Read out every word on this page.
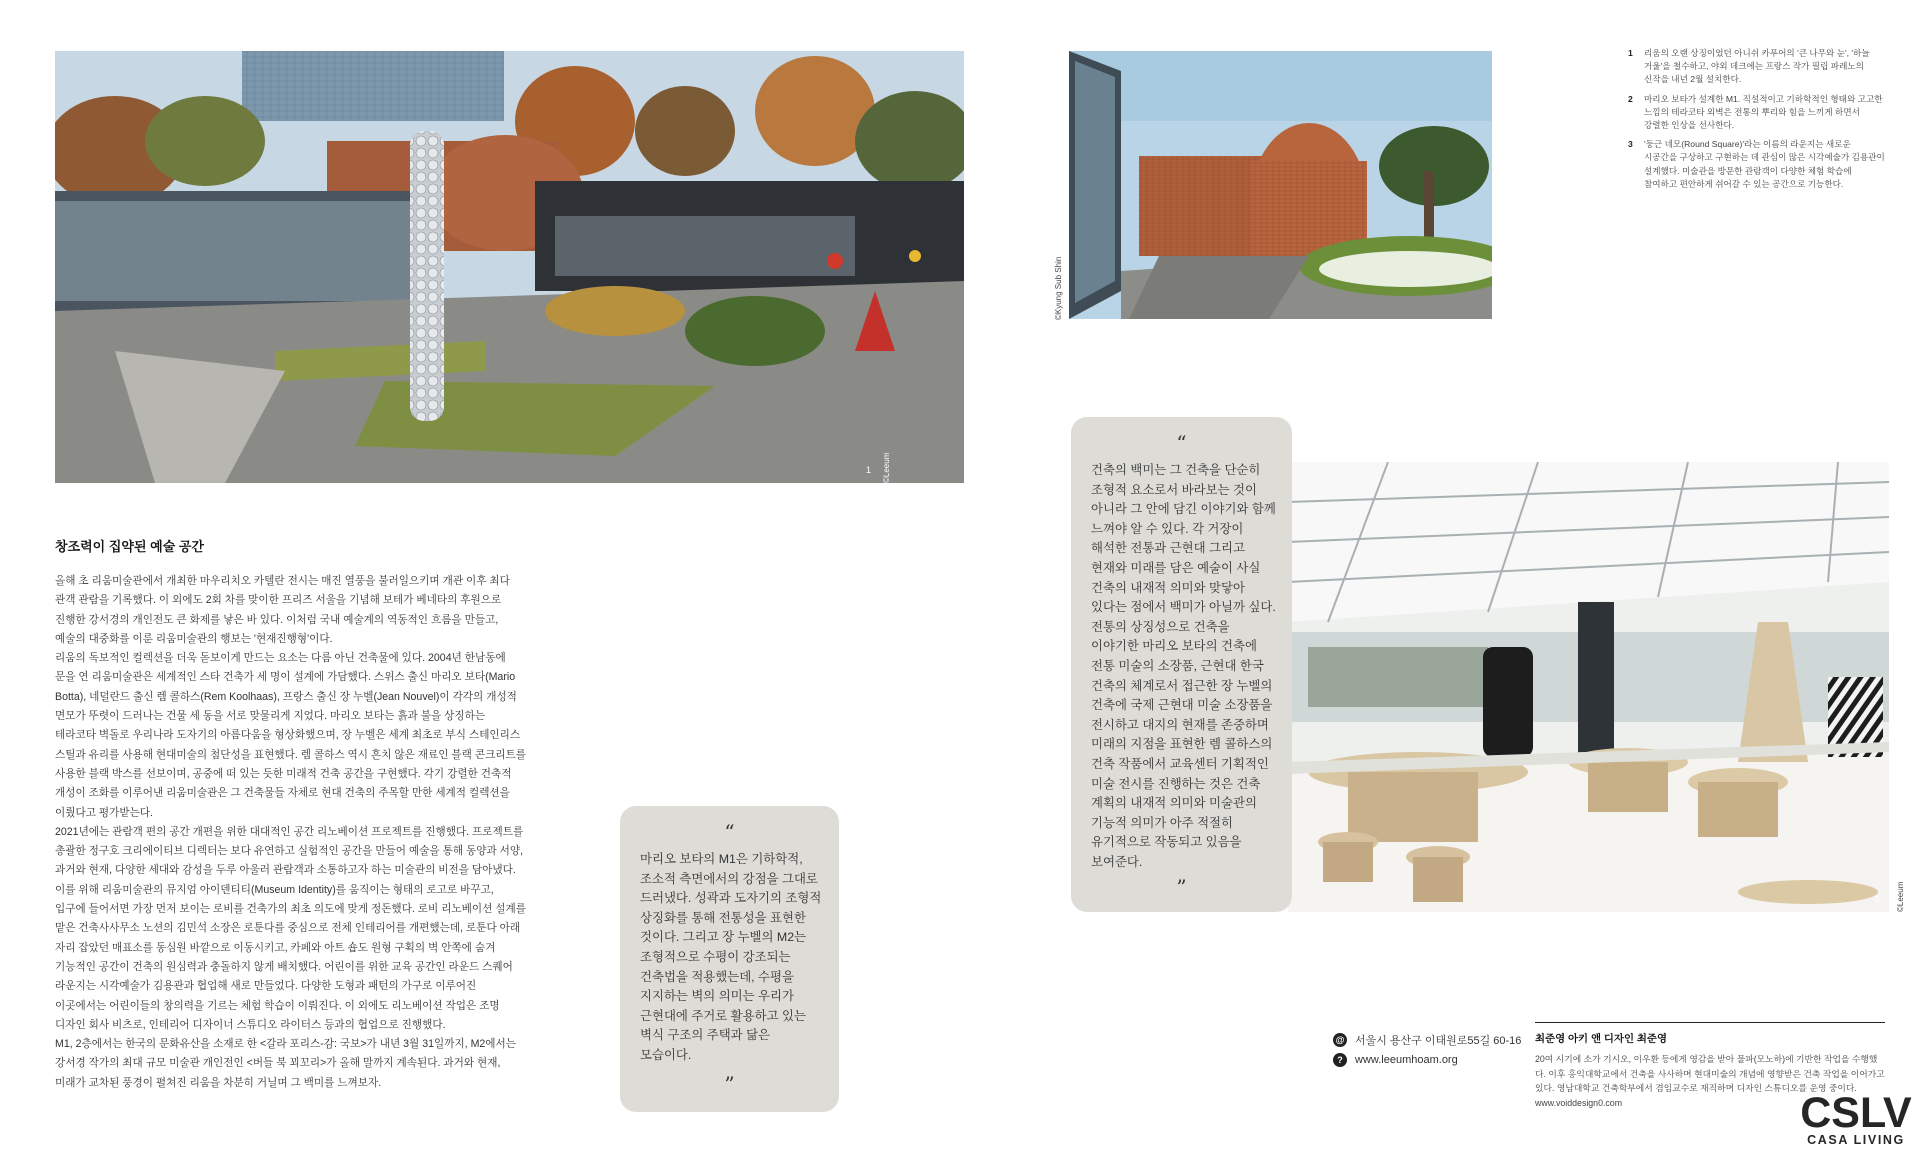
1 ©Leeum
©Kyung Sub Shin
3 ©Leeum
“

건축의 백미는 그 건축을 단순히 조형적 요소로서 바라보는 것이 아니라 그 안에 담긴 이야기와 함께 느껴야 알 수 있다. 각 거장이 해석한 전통과 근현대 그리고 현재와 미래를 담은 예술이 사실 건축의 내재적 의미와 맞닿아 있다는 점에서 백미가 아닐까 싶다. 전통의 상징성으로 건축을 이야기한 마리오 보타의 건축에 전통 미술의 소장품, 근현대 한국 건축의 체계로서 접근한 장 누벨의 건축에 국제 근현대 미술 소장품을 전시하고 대지의 현재를 존중하며 미래의 지점을 표현한 렘 콜하스의 건축 작품에서 교육센터 기획적인 미술 전시를 진행하는 것은 건축 계획의 내재적 의미와 미술관의 기능적 의미가 아주 적절히 유기적으로 작동되고 있음을 보여준다.

”
창조력이 집약된 예술 공간

올해 초 리움미술관에서 개최한 마우리치오 카텔란 전시는 매진 열풍을 불러일으키며 개관 이후 최다 관객 관람을 기록했다. 이 외에도 2회 차를 맞이한 프리즈 서울을 기념해 보테가 베네타의 후원으로 진행한 강서경의 개인전도 큰 화제를 낳은 바 있다. 이처럼 국내 예술계의 역동적인 흐름을 만들고, 예술의 대중화를 이룬 리움미술관의 행보는 '현재진행형'이다.

리움의 독보적인 컬렉션을 더욱 돋보이게 만드는 요소는 다름 아닌 건축물에 있다. 2004년 한남동에 문을 연 리움미술관은 세계적인 스타 건축가 세 명이 설계에 가담했다. 스위스 출신 마리오 보타(Mario Botta), 네덜란드 출신 렘 콜하스(Rem Koolhaas), 프랑스 출신 장 누벨(Jean Nouvel)이 각각의 개성적 면모가 뚜렷이 드러나는 건물 세 동을 서로 맞물리게 지었다. 마리오 보타는 흙과 불을 상징하는 테라코타 벽돌로 우리나라 도자기의 아름다움을 형상화했으며, 장 누벨은 세계 최초로 부식 스테인리스 스틸과 유리를 사용해 현대미술의 첨단성을 표현했다. 렘 콜하스 역시 흔치 않은 재료인 블랙 콘크리트를 사용한 블랙 박스를 선보이며, 공중에 떠 있는 듯한 미래적 건축 공간을 구현했다. 각기 강렬한 건축적 개성이 조화를 이루어낸 리움미술관은 그 건축물들 자체로 현대 건축의 주목할 만한 세계적 컬렉션을 이뤘다고 평가받는다.

2021년에는 관람객 편의 공간 개편을 위한 대대적인 공간 리노베이션 프로젝트를 진행했다. 프로젝트를 총괄한 정구호 크리에이티브 디렉터는 보다 유연하고 실험적인 공간을 만들어 예술을 통해 동양과 서양, 과거와 현재, 다양한 세대와 감성을 두루 아울러 관람객과 소통하고자 하는 미술관의 비전을 담아냈다. 이를 위해 리움미술관의 뮤지엄 아이덴티티(Museum Identity)를 움직이는 형태의 로고로 바꾸고, 입구에 들어서면 가장 먼저 보이는 로비를 건축가의 최초 의도에 맞게 정돈했다. 로비 리노베이션 설계를 맡은 건축사사무소 노션의 김민석 소장은 로툰다를 중심으로 전체 인테리어를 개편했는데, 로툰다 아래 자리 잡았던 매표소를 동심원 바깥으로 이동시키고, 카페와 아트 숍도 원형 구획의 벽 안쪽에 숨겨 기능적인 공간이 건축의 원심력과 충돌하지 않게 배치했다. 어린이를 위한 교육 공간인 라운드 스퀘어 라운지는 시각예술가 김용관과 협업해 새로 만들었다. 다양한 도형과 패턴의 가구로 이루어진 이곳에서는 어린이들의 창의력을 기르는 체험 학습이 이뤄진다. 이 외에도 리노베이션 작업은 조명 디자인 회사 비츠로, 인테리어 디자이너 스튜디오 라이터스 등과의 협업으로 진행했다.

M1, 2층에서는 한국의 문화유산을 소재로 한 <갈라 포리스-감: 국보>가 내년 3월 31일까지, M2에서는 강서경 작가의 최대 규모 미술관 개인전인 <버들 북 꾀꼬리>가 올해 말까지 계속된다. 과거와 현재, 미래가 교차된 풍경이 펼쳐진 리움을 차분히 거닐며 그 백미를 느껴보자.

“

마리오 보타의 M1은 기하학적, 조소적 측면에서의 강점을 그대로 드러냈다. 성곽과 도자기의 조형적 상징화를 통해 전통성을 표현한 것이다. 그리고 장 누벨의 M2는 조형적으로 수평이 강조되는 건축법을 적용했는데, 수평을 지지하는 벽의 의미는 우리가 근현대에 주거로 활용하고 있는 벽식 구조의 주택과 닮은 모습이다.

”
1 리움의 오랜 상징이었던 아니쉬 카푸어의 '큰 나무와 눈', '하늘 거울'을 철수하고, 야외 데크에는 프랑스 작가 필립 파레노의 신작을 내년 2월 설치한다.
2 마리오 보타가 설계한 M1. 직설적이고 기하학적인 형태와 고고한 느낌의 테라코타 외벽은 전통의 뿌리와 힘을 느끼게 하면서 강렬한 인상을 선사한다.
3 '둥근 네모(Round Square)'라는 이름의 라운지는 새로운 시공간을 구상하고 구현하는 데 관심이 많은 시각예술가 김용관이 설계했다. 미술관을 방문한 관람객이 다양한 체험 학습에 참여하고 편안하게 쉬어갈 수 있는 공간으로 기능한다.
@ 서울시 용산구 이태원로55길 60-16
?	www.leeumhoam.org

최준영 아키 앤 디자인 최준영

20여 시기에 소가 기시오, 이우환 등에게 영감을 받아 물파(모노하)에 기반한 작업을 수행했다. 이후 홍익대학교에서 건축을 사사하며 현대미술의 개념에 영향받은 건축 작업을 이어가고 있다. 영남대학교 건축학부에서 겸임교수로 재직하며 디자인 스튜디오를 운영 중이다.

www.voiddesign0.com	CSLV
CASA LIVING
